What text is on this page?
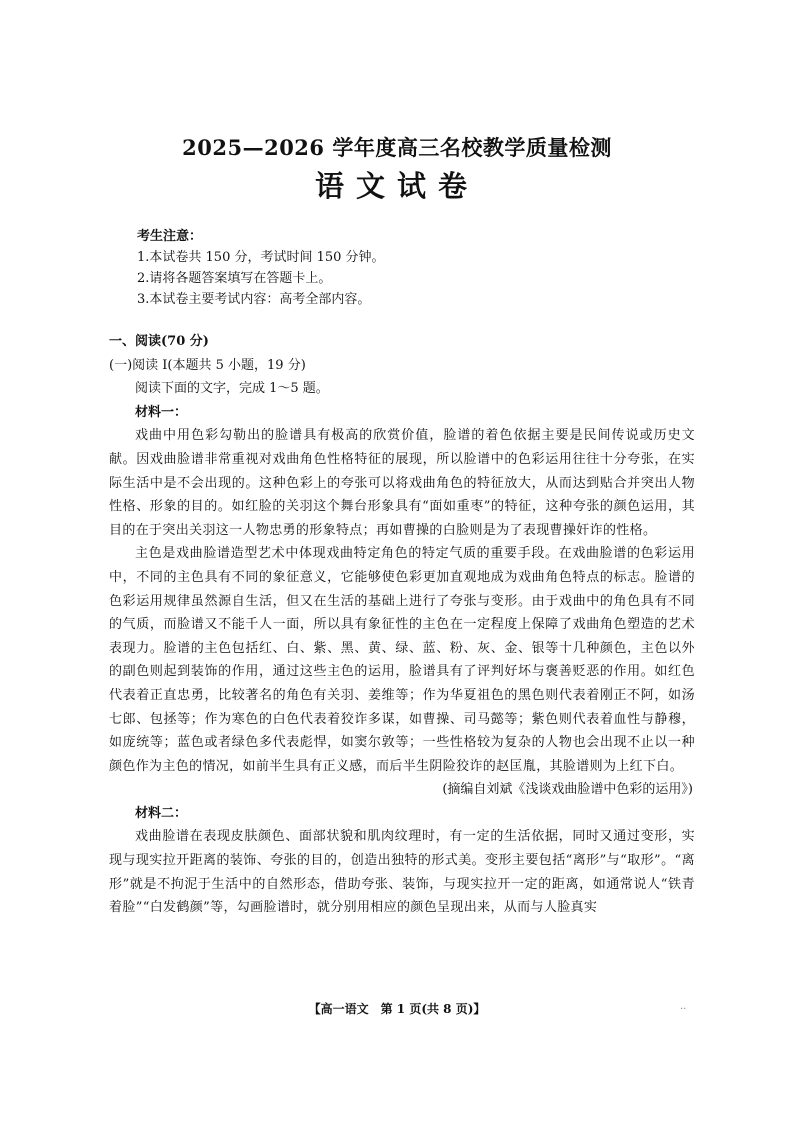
2025—2026 学年度高三名校教学质量检测
语文试卷
考生注意：
1.本试卷共 150 分，考试时间 150 分钟。
2.请将各题答案填写在答题卡上。
3.本试卷主要考试内容：高考全部内容。
一、阅读(70 分)
(一)阅读 I(本题共 5 小题，19 分)
阅读下面的文字，完成 1～5 题。
材料一：

戏曲中用色彩勾勒出的脸谱具有极高的欣赏价值，脸谱的着色依据主要是民间传说或历史文献。因戏曲脸谱非常重视对戏曲角色性格特征的展现，所以脸谱中的色彩运用往往十分夸张，在实际生活中是不会出现的。这种色彩上的夸张可以将戏曲角色的特征放大，从而达到贴合并突出人物性格、形象的目的。如红脸的关羽这个舞台形象具有“面如重枣”的特征，这种夸张的颜色运用，其目的在于突出关羽这一人物忠勇的形象特点；再如曹操的白脸则是为了表现曹操奸诈的性格。

主色是戏曲脸谱造型艺术中体现戏曲特定角色的特定气质的重要手段。在戏曲脸谱的色彩运用中，不同的主色具有不同的象征意义，它能够使色彩更加直观地成为戏曲角色特点的标志。脸谱的色彩运用规律虽然源自生活，但又在生活的基础上进行了夸张与变形。由于戏曲中的角色具有不同的气质，而脸谱又不能千人一面，所以具有象征性的主色在一定程度上保障了戏曲角色塑造的艺术表现力。脸谱的主色包括红、白、紫、黑、黄、绿、蓝、粉、灰、金、银等十几种颜色，主色以外的副色则起到装饰的作用，通过这些主色的运用，脸谱具有了评判好坏与褒善贬恶的作用。如红色代表着正直忠勇，比较著名的角色有关羽、姜维等；作为华夏祖色的黑色则代表着刚正不阿，如汤七郎、包拯等；作为寒色的白色代表着狡诈多谋，如曹操、司马懿等；紫色则代表着血性与静穆，如庞统等；蓝色或者绿色多代表彪悍，如窦尔敦等；一些性格较为复杂的人物也会出现不止以一种颜色作为主色的情况，如前半生具有正义感，而后半生阴险狡诈的赵匡胤，其脸谱则为上红下白。

(摘编自刘斌《浅谈戏曲脸谱中色彩的运用》)
材料二：

戏曲脸谱在表现皮肤颜色、面部状貌和肌肉纹理时，有一定的生活依据，同时又通过变形，实现与现实拉开距离的装饰、夸张的目的，创造出独特的形式美。变形主要包括“离形”与“取形”。“离形”就是不拘泥于生活中的自然形态，借助夸张、装饰，与现实拉开一定的距离，如通常说人“铁青着脸”“白发鹤颜”等，勾画脸谱时，就分别用相应的颜色呈现出来，从而与人脸真实

【高一语文　第 1 页(共 8 页)】	··
